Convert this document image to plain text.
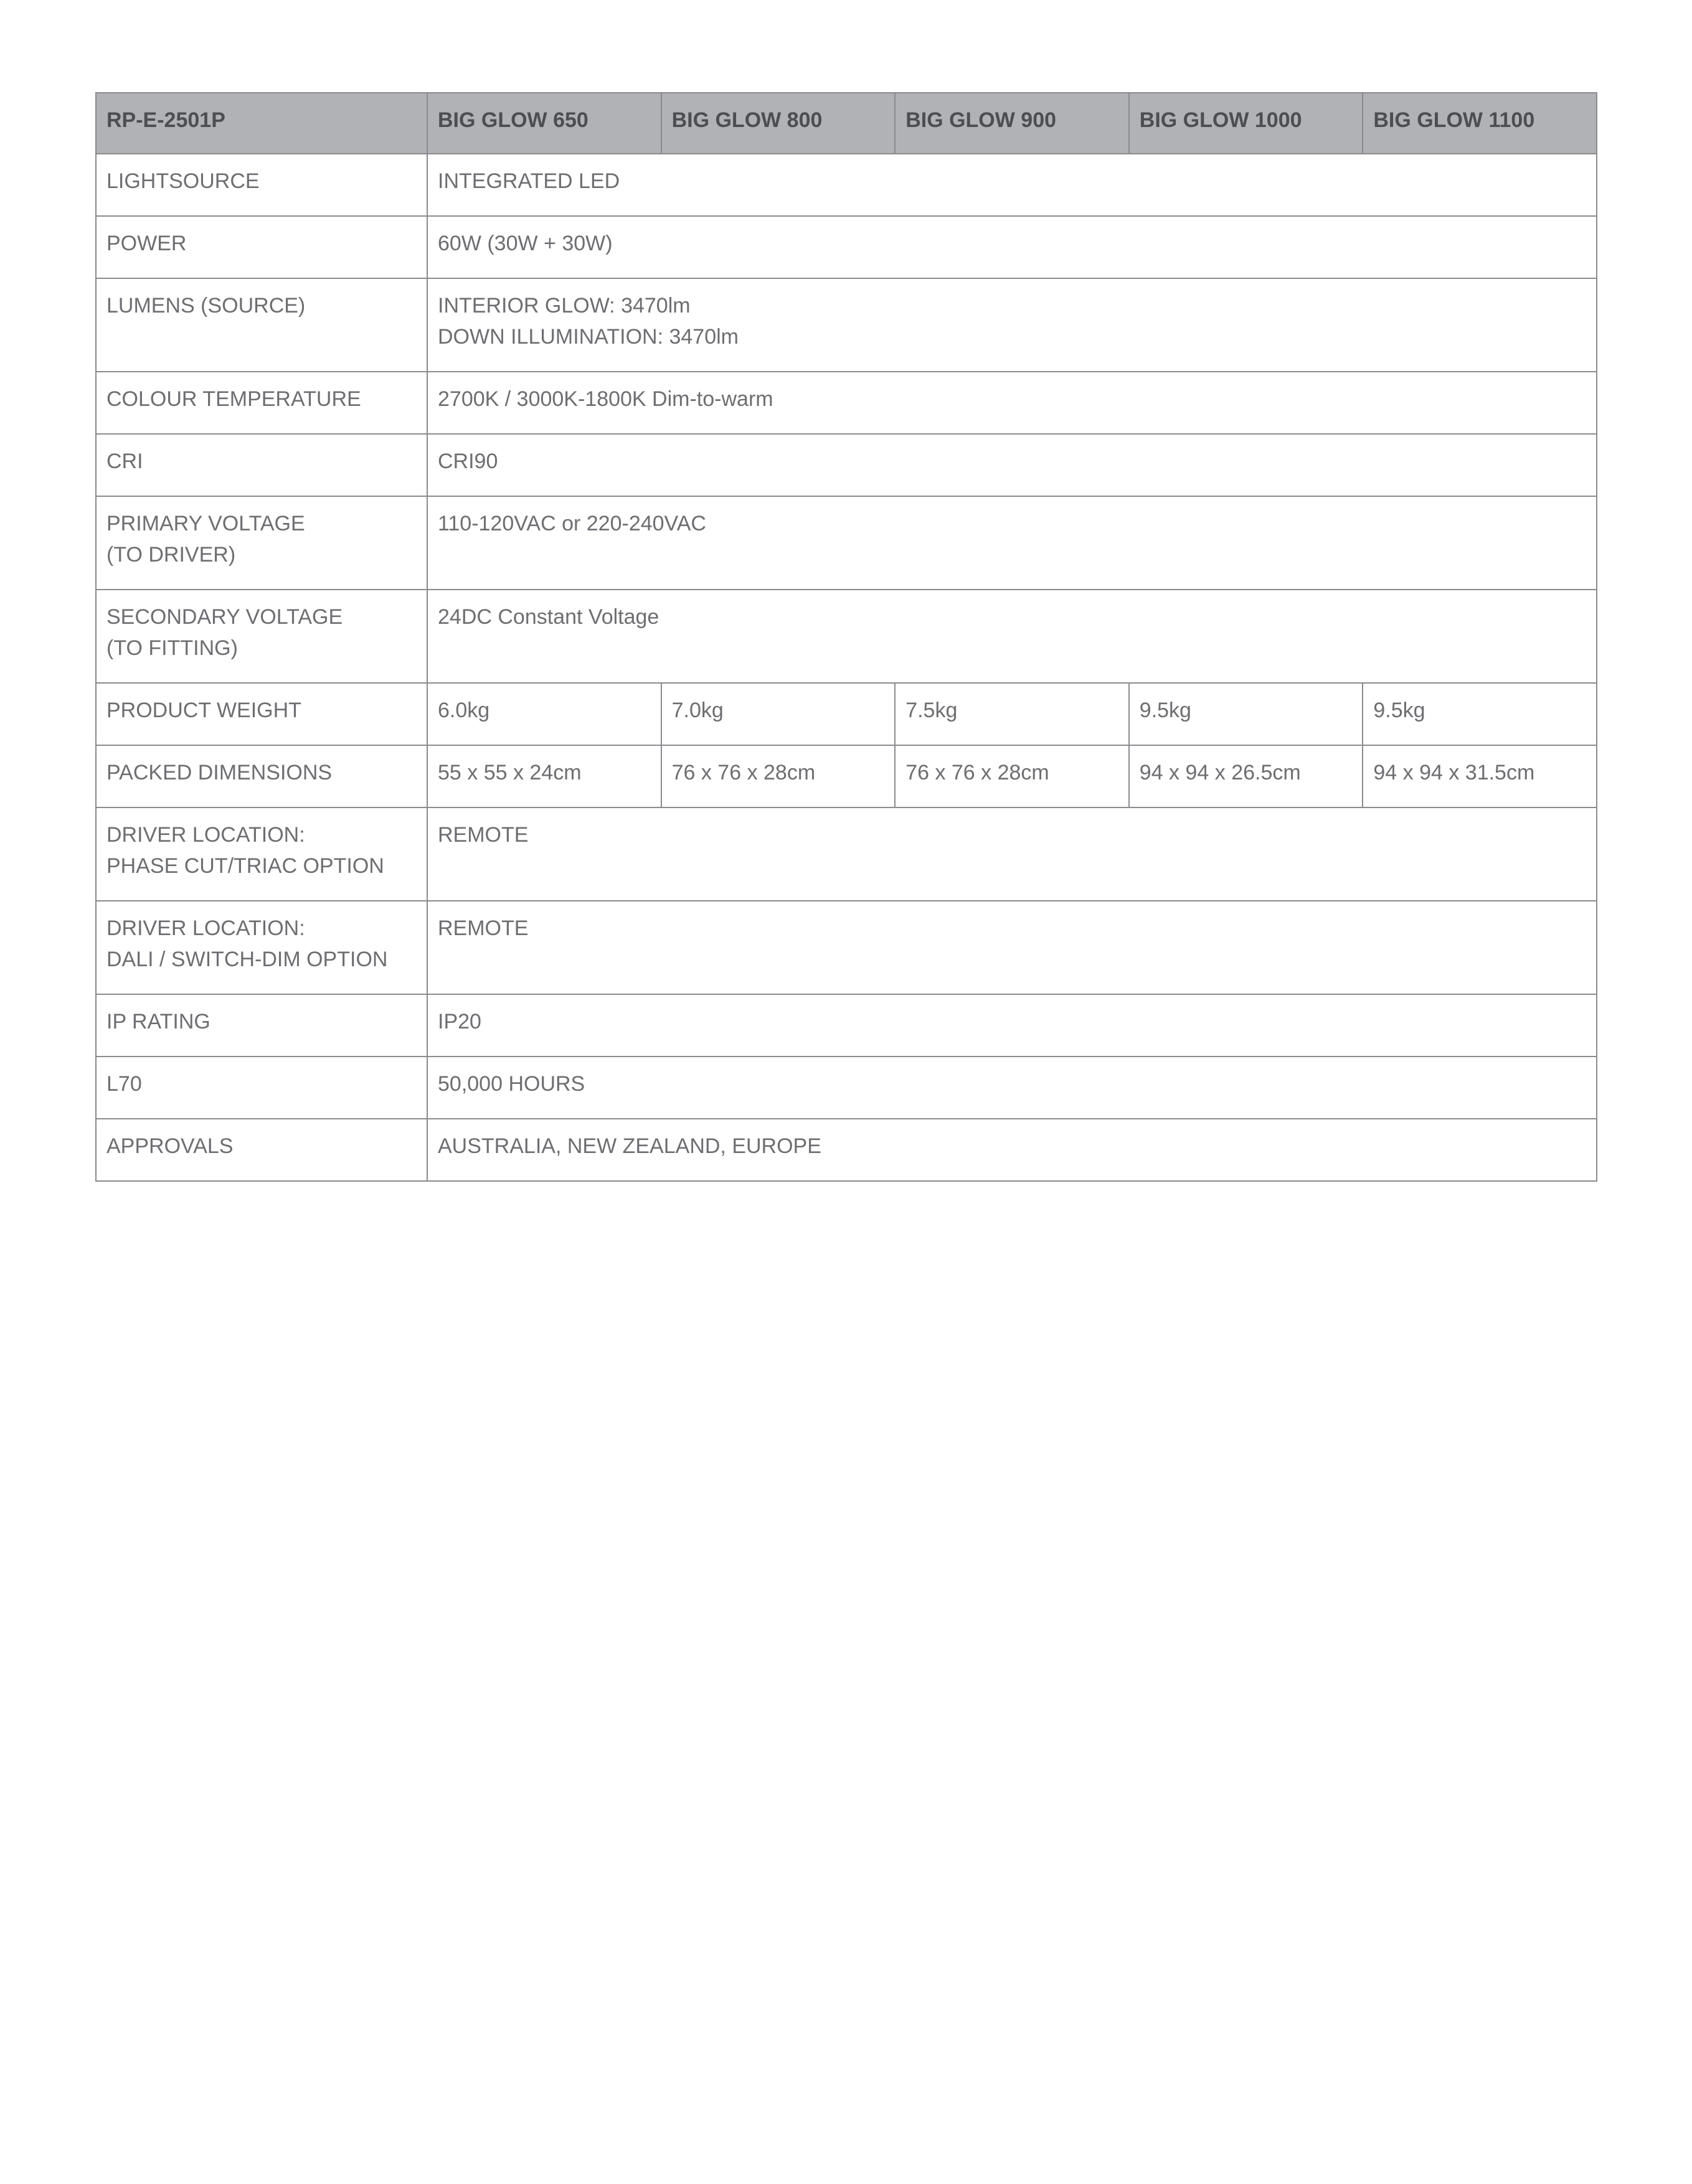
RP-E-2501P	BIG GLOW 650	BIG GLOW 800	BIG GLOW 900	BIG GLOW 1000	BIG GLOW 1100
LIGHTSOURCE	INTEGRATED LED				
POWER	60W (30W + 30W)				
LUMENS (SOURCE)	INTERIOR GLOW: 3470lm
DOWN ILLUMINATION: 3470lm				

COLOUR TEMPERATURE	2700K / 3000K-1800K Dim-to-warm				
CRI	CRI90				

PRIMARY VOLTAGE
(TO DRIVER)	110-120VAC or 220-240VAC				

SECONDARY VOLTAGE
(TO FITTING)	24DC Constant Voltage				
PRODUCT WEIGHT	6.0kg	7.0kg	7.5kg	9.5kg	9.5kg
PACKED DIMENSIONS	55 x 55 x 24cm	76 x 76 x 28cm	76 x 76 x 28cm	94 x 94 x 26.5cm	94 x 94 x 31.5cm

DRIVER LOCATION:
PHASE CUT/TRIAC OPTION	REMOTE				

DRIVER LOCATION:
DALI / SWITCH-DIM OPTION	REMOTE				
IP RATING	IP20				
L70	50,000 HOURS				
APPROVALS	AUSTRALIA, NEW ZEALAND, EUROPE				
